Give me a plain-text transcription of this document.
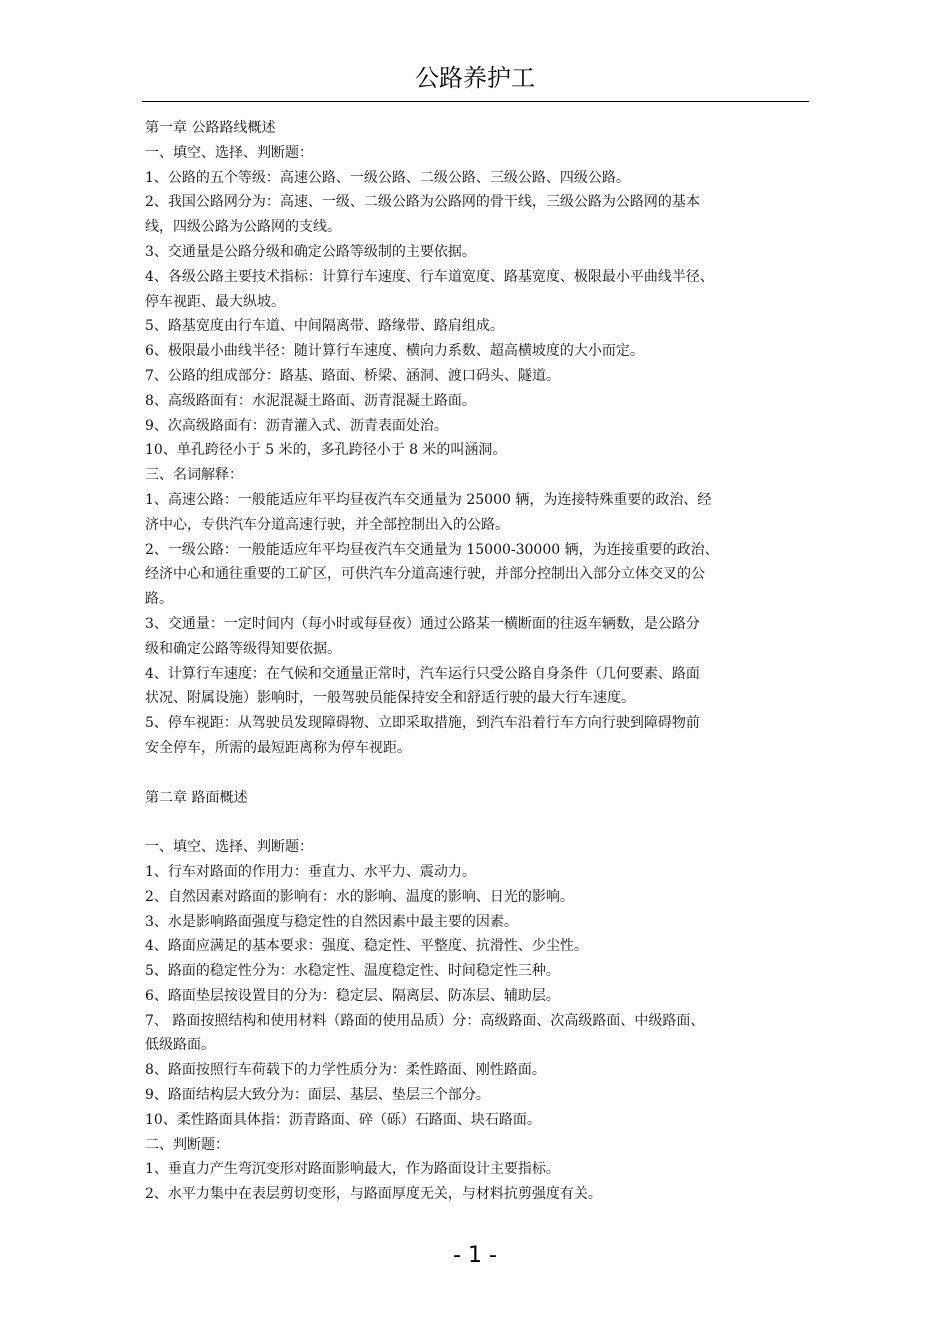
公路养护工
第一章 公路路线概述
一、填空、选择、判断题：
1、公路的五个等级：高速公路、一级公路、二级公路、三级公路、四级公路。
2、我国公路网分为：高速、一级、二级公路为公路网的骨干线，三级公路为公路网的基本
线，四级公路为公路网的支线。
3、交通量是公路分级和确定公路等级制的主要依据。
4、各级公路主要技术指标：计算行车速度、行车道宽度、路基宽度、极限最小平曲线半径、
停车视距、最大纵坡。
5、路基宽度由行车道、中间隔离带、路缘带、路肩组成。
6、极限最小曲线半径：随计算行车速度、横向力系数、超高横坡度的大小而定。
7、公路的组成部分：路基、路面、桥梁、涵洞、渡口码头、隧道。
8、高级路面有：水泥混凝土路面、沥青混凝土路面。
9、次高级路面有：沥青灌入式、沥青表面处治。
10、单孔跨径小于 5 米的，多孔跨径小于 8 米的叫涵洞。
三、名词解释：
1、高速公路：一般能适应年平均昼夜汽车交通量为 25000 辆，为连接特殊重要的政治、经
济中心，专供汽车分道高速行驶，并全部控制出入的公路。
2、一级公路：一般能适应年平均昼夜汽车交通量为 15000-30000 辆，为连接重要的政治、
经济中心和通往重要的工矿区，可供汽车分道高速行驶，并部分控制出入部分立体交叉的公
路。
3、交通量：一定时间内（每小时或每昼夜）通过公路某一横断面的往返车辆数，是公路分
级和确定公路等级得知要依据。
4、计算行车速度：在气候和交通量正常时，汽车运行只受公路自身条件（几何要素、路面
状况、附属设施）影响时，一般驾驶员能保持安全和舒适行驶的最大行车速度。
5、停车视距：从驾驶员发现障碍物、立即采取措施，到汽车沿着行车方向行驶到障碍物前
安全停车，所需的最短距离称为停车视距。
第二章 路面概述
一、填空、选择、判断题：
1、行车对路面的作用力：垂直力、水平力、震动力。
2、自然因素对路面的影响有：水的影响、温度的影响、日光的影响。
3、水是影响路面强度与稳定性的自然因素中最主要的因素。
4、路面应满足的基本要求：强度、稳定性、平整度、抗滑性、少尘性。
5、路面的稳定性分为：水稳定性、温度稳定性、时间稳定性三种。
6、路面垫层按设置目的分为：稳定层、隔离层、防冻层、辅助层。
7、 路面按照结构和使用材料（路面的使用品质）分：高级路面、次高级路面、中级路面、
低级路面。
8、路面按照行车荷载下的力学性质分为：柔性路面、刚性路面。
9、路面结构层大致分为：面层、基层、垫层三个部分。
10、柔性路面具体指：沥青路面、碎（砾）石路面、块石路面。
二、判断题：
1、垂直力产生弯沉变形对路面影响最大，作为路面设计主要指标。
2、水平力集中在表层剪切变形，与路面厚度无关，与材料抗剪强度有关。
- 1 -
